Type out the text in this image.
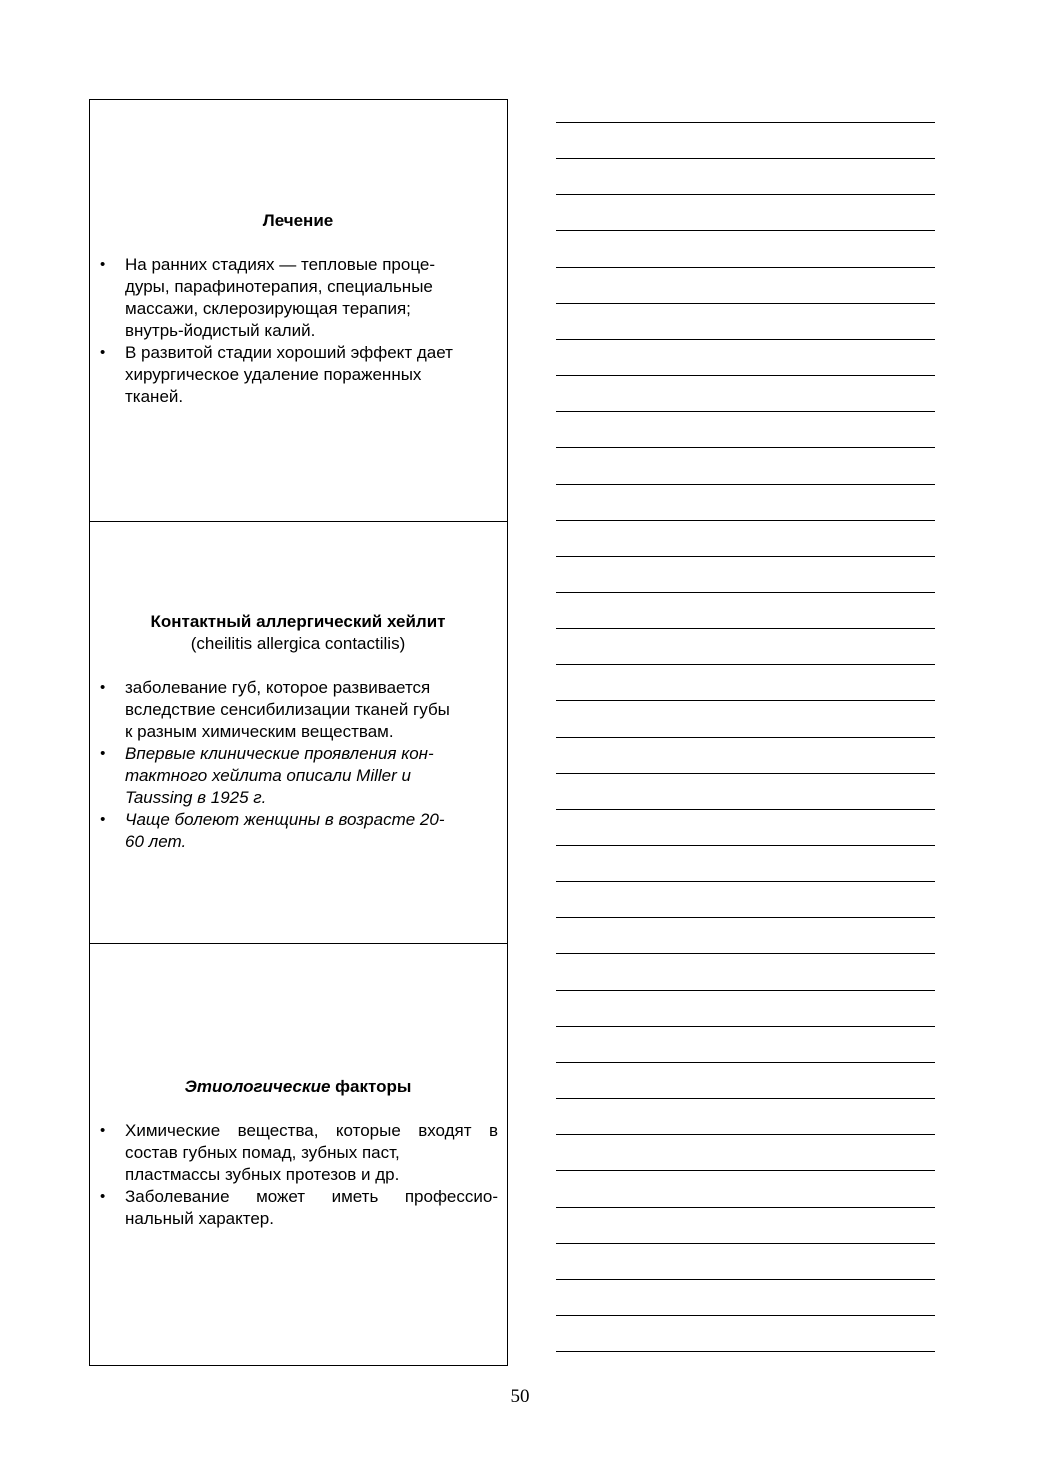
Лечение

• На ранних стадиях — тепловые проце-
дуры, парафинотерапия, специальные
массажи, склерозирующая терапия;
внутрь-йодистый калий.
• В развитой стадии хороший эффект дает
хирургическое удаление пораженных
тканей.

Контактный аллергический хейлит

(cheilitis allergica contactilis)

• заболевание губ, которое развивается
вследствие сенсибилизации тканей губы
к разным химическим веществам.
• Впервые клинические проявления кон-
тактного хейлита описали Miller и
Taussing в 1925 г.
• Чаще болеют женщины в возрасте 20-
60 лет.

Этиологические факторы

• Химические вещества, которые входят в состав губных помад, зубных паст,
пластмассы зубных протезов и др.
• Заболевание может иметь профессио-
нальный характер.
50
